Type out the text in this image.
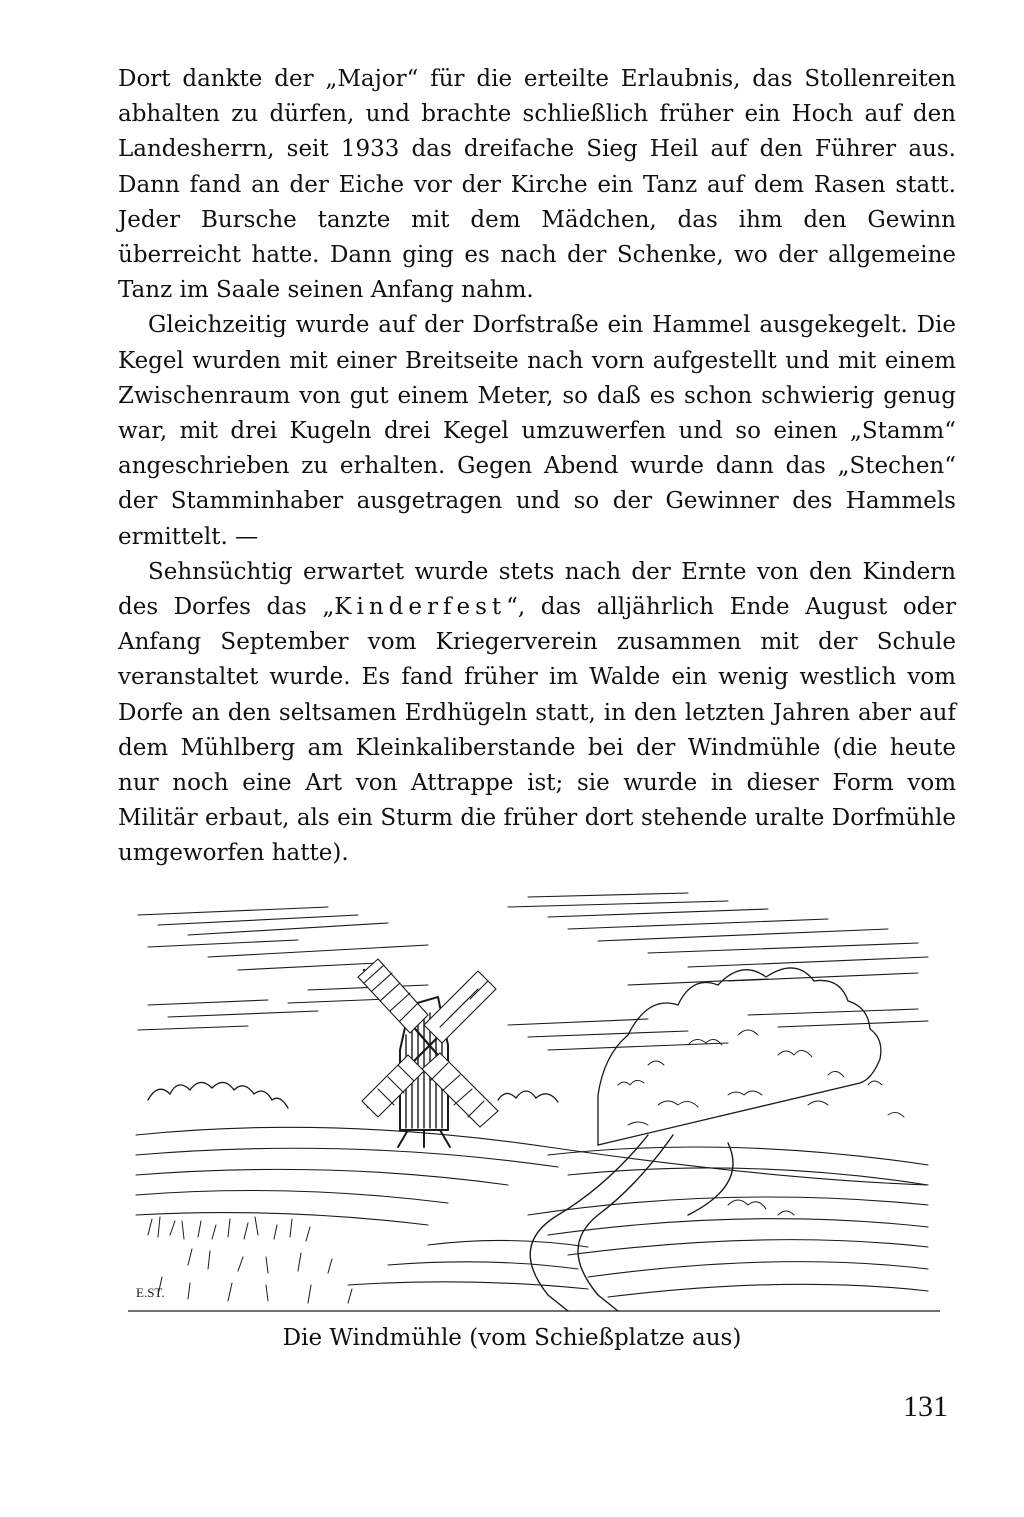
Dort dankte der „Major“ für die erteilte Erlaubnis, das Stollenreiten abhalten zu dürfen, und brachte schließlich früher ein Hoch auf den Landesherrn, seit 1933 das dreifache Sieg Heil auf den Führer aus. Dann fand an der Eiche vor der Kirche ein Tanz auf dem Rasen statt. Jeder Bursche tanzte mit dem Mädchen, das ihm den Gewinn überreicht hatte. Dann ging es nach der Schenke, wo der allgemeine Tanz im Saale seinen Anfang nahm.

Gleichzeitig wurde auf der Dorfstraße ein Hammel ausgekegelt. Die Kegel wurden mit einer Breitseite nach vorn aufgestellt und mit einem Zwischenraum von gut einem Meter, so daß es schon schwierig genug war, mit drei Kugeln drei Kegel umzuwerfen und so einen „Stamm“ angeschrieben zu erhalten. Gegen Abend wurde dann das „Stechen“ der Stamminhaber ausgetragen und so der Gewinner des Hammels ermittelt. —

Sehnsüchtig erwartet wurde stets nach der Ernte von den Kindern des Dorfes das „Kinderfest“, das alljährlich Ende August oder Anfang September vom Kriegerverein zusammen mit der Schule veranstaltet wurde. Es fand früher im Walde ein wenig westlich vom Dorfe an den seltsamen Erdhügeln statt, in den letzten Jahren aber auf dem Mühlberg am Kleinkaliberstande bei der Windmühle (die heute nur noch eine Art von Attrappe ist; sie wurde in dieser Form vom Militär erbaut, als ein Sturm die früher dort stehende uralte Dorfmühle umgeworfen hatte).

E.ST.
Die Windmühle (vom Schießplatze aus)
131
